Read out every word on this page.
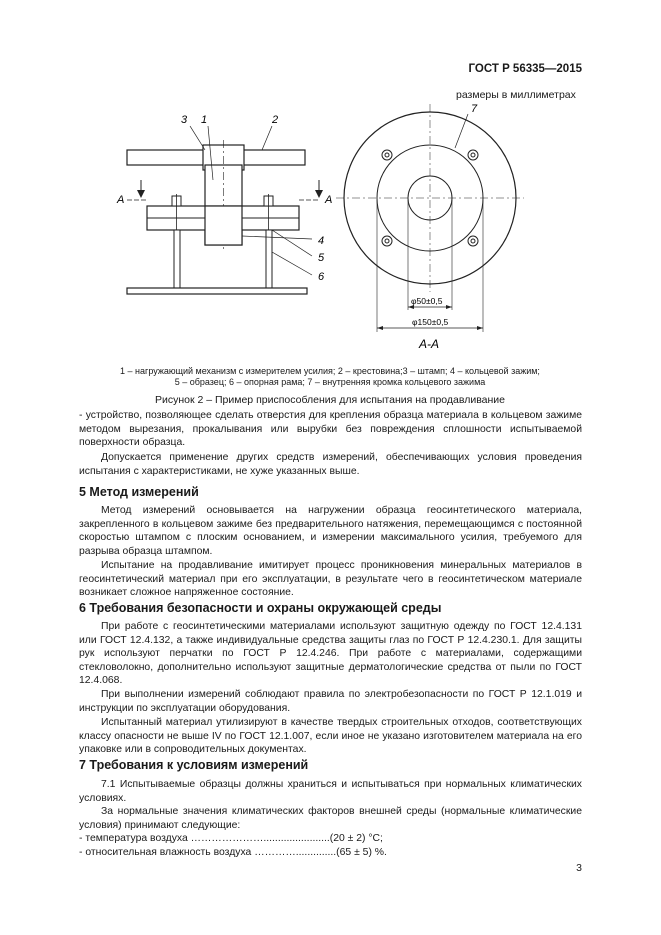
ГОСТ Р 56335—2015
размеры в миллиметрах
A	A
3 1	2
4
5
6
7
φ50±0,5
φ150±0,5
А-А
1 – нагружающий механизм с измерителем усилия; 2 – крестовина;3 – штамп; 4 – кольцевой зажим;
5 – образец; 6 – опорная рама; 7 – внутренняя кромка кольцевого зажима
Рисунок 2 – Пример приспособления для испытания на продавливание

- устройство, позволяющее сделать отверстия для крепления образца материала в кольцевом зажиме методом вырезания, прокалывания или вырубки без повреждения сплошности испытываемой поверхности образца.

Допускается применение других средств измерений, обеспечивающих условия проведения испытания с характеристиками, не хуже указанных выше.

5 Метод измерений

Метод измерений основывается на нагружении образца геосинтетического материала, закрепленного в кольцевом зажиме без предварительного натяжения, перемещающимся с постоянной скоростью штампом с плоским основанием, и измерении максимального усилия, требуемого для разрыва образца штампом.

Испытание на продавливание имитирует процесс проникновения минеральных материалов в геосинтетический материал при его эксплуатации, в результате чего в геосинтетическом материале возникает сложное напряженное состояние.

6 Требования безопасности и охраны окружающей среды

При работе с геосинтетическими материалами используют защитную одежду по ГОСТ 12.4.131 или ГОСТ 12.4.132, а также индивидуальные средства защиты глаз по ГОСТ Р 12.4.230.1. Для защиты рук используют перчатки по ГОСТ Р 12.4.246. При работе с материалами, содержащими стекловолокно, дополнительно используют защитные дерматологические средства от пыли по ГОСТ 12.4.068.

При выполнении измерений соблюдают правила по электробезопасности по ГОСТ Р 12.1.019 и инструкции по эксплуатации оборудования.

Испытанный материал утилизируют в качестве твердых строительных отходов, соответствующих классу опасности не выше IV по ГОСТ 12.1.007, если иное не указано изготовителем материала на его упаковке или в сопроводительных документах.

7 Требования к условиям измерений

7.1 Испытываемые образцы должны храниться и испытываться при нормальных климатических условиях.

За нормальные значения климатических факторов внешней среды (нормальные климатические условия) принимают следующие:

- температура воздуха ………………….......................(20 ± 2) °С;

- относительная влажность воздуха …………..............(65 ± 5) %.

3
